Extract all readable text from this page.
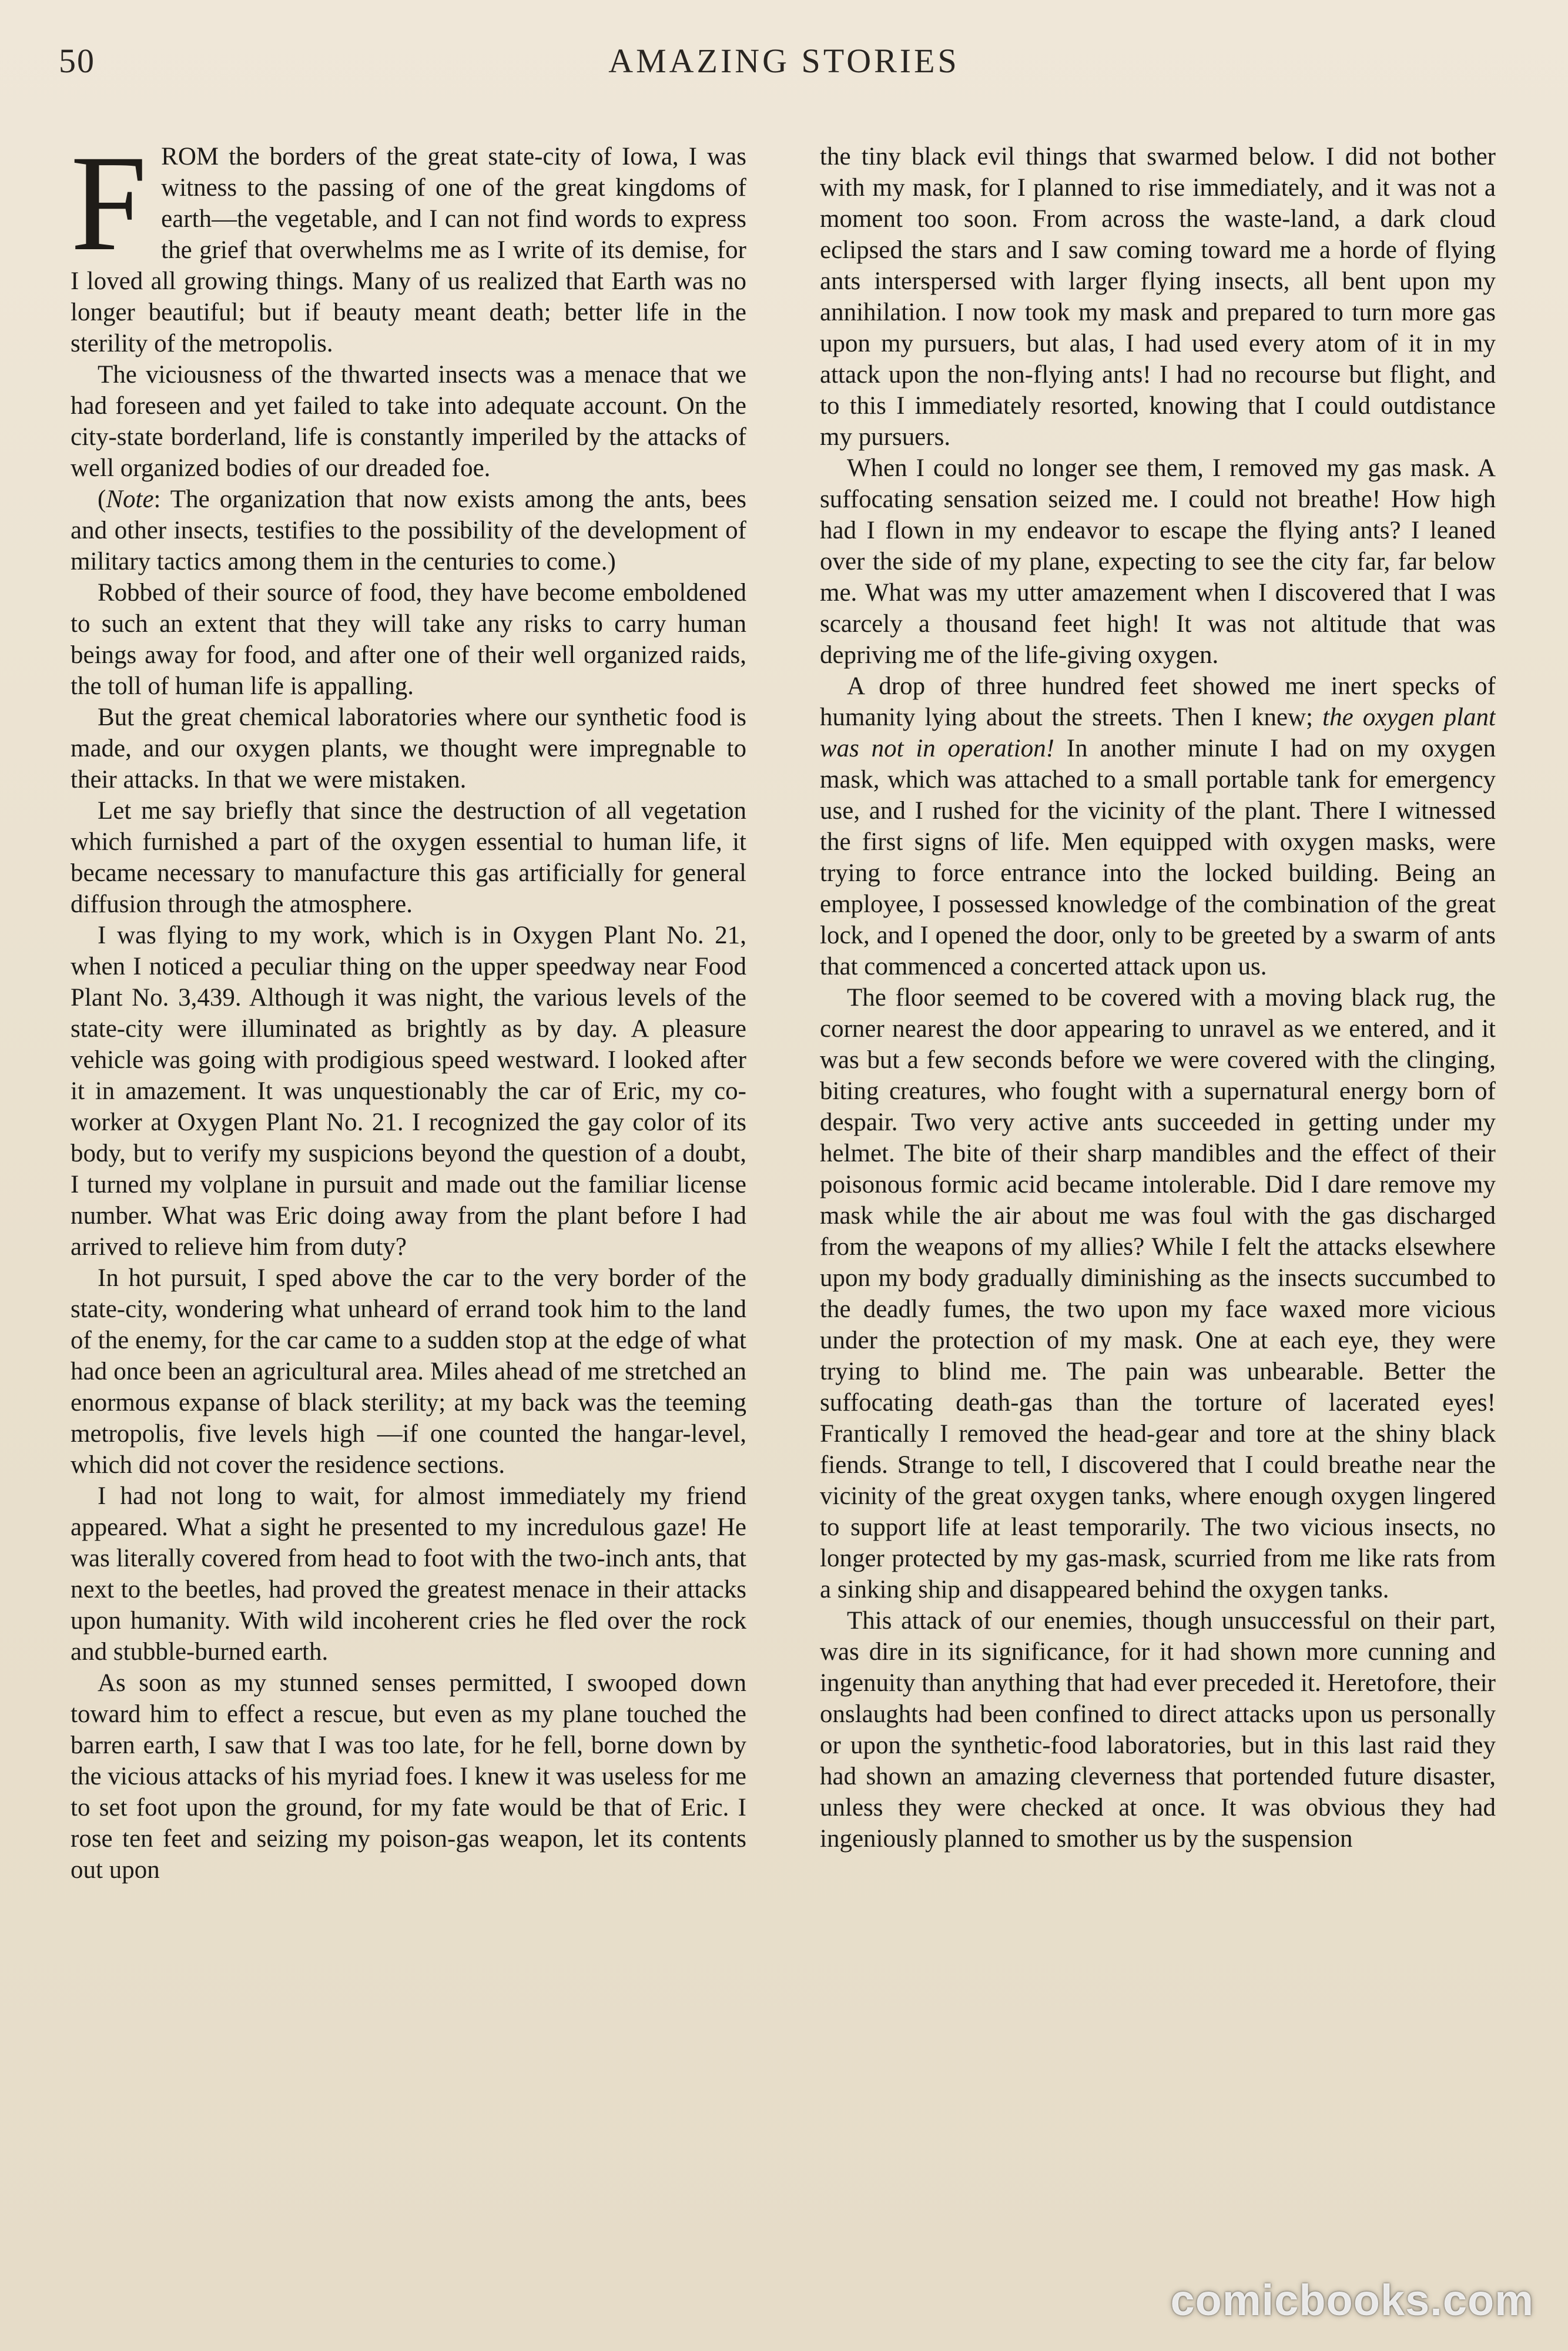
50	AMAZING STORIES

FROM the borders of the great state-city of Iowa, I was witness to the passing of one of the great kingdoms of earth—the vegetable, and I can not find words to express the grief that overwhelms me as I write of its demise, for I loved all growing things. Many of us realized that Earth was no longer beautiful; but if beauty meant death; better life in the sterility of the metropolis.

The viciousness of the thwarted insects was a menace that we had foreseen and yet failed to take into adequate account. On the city-state borderland, life is constantly imperiled by the attacks of well organized bodies of our dreaded foe.

(Note: The organization that now exists among the ants, bees and other insects, testifies to the possibility of the development of military tactics among them in the centuries to come.)

Robbed of their source of food, they have become emboldened to such an extent that they will take any risks to carry human beings away for food, and after one of their well organized raids, the toll of human life is appalling.

But the great chemical laboratories where our synthetic food is made, and our oxygen plants, we thought were impregnable to their attacks. In that we were mistaken.

Let me say briefly that since the destruction of all vegetation which furnished a part of the oxygen essential to human life, it became necessary to manufacture this gas artificially for general diffusion through the atmosphere.

I was flying to my work, which is in Oxygen Plant No. 21, when I noticed a peculiar thing on the upper speedway near Food Plant No. 3,439. Although it was night, the various levels of the state-city were illuminated as brightly as by day. A pleasure vehicle was going with prodigious speed westward. I looked after it in amazement. It was unquestionably the car of Eric, my co-worker at Oxygen Plant No. 21. I recognized the gay color of its body, but to verify my suspicions beyond the question of a doubt, I turned my volplane in pursuit and made out the familiar license number. What was Eric doing away from the plant before I had arrived to relieve him from duty?

In hot pursuit, I sped above the car to the very border of the state-city, wondering what unheard of errand took him to the land of the enemy, for the car came to a sudden stop at the edge of what had once been an agricultural area. Miles ahead of me stretched an enormous expanse of black sterility; at my back was the teeming metropolis, five levels high —if one counted the hangar-level, which did not cover the residence sections.

I had not long to wait, for almost immediately my friend appeared. What a sight he presented to my incredulous gaze! He was literally covered from head to foot with the two-inch ants, that next to the beetles, had proved the greatest menace in their attacks upon humanity. With wild incoherent cries he fled over the rock and stubble-burned earth.

As soon as my stunned senses permitted, I swooped down toward him to effect a rescue, but even as my plane touched the barren earth, I saw that I was too late, for he fell, borne down by the vicious attacks of his myriad foes. I knew it was useless for me to set foot upon the ground, for my fate would be that of Eric. I rose ten feet and seizing my poison-gas weapon, let its contents out upon

the tiny black evil things that swarmed below. I did not bother with my mask, for I planned to rise immediately, and it was not a moment too soon. From across the waste-land, a dark cloud eclipsed the stars and I saw coming toward me a horde of flying ants interspersed with larger flying insects, all bent upon my annihilation. I now took my mask and prepared to turn more gas upon my pursuers, but alas, I had used every atom of it in my attack upon the non-flying ants! I had no recourse but flight, and to this I immediately resorted, knowing that I could outdistance my pursuers.

When I could no longer see them, I removed my gas mask. A suffocating sensation seized me. I could not breathe! How high had I flown in my endeavor to escape the flying ants? I leaned over the side of my plane, expecting to see the city far, far below me. What was my utter amazement when I discovered that I was scarcely a thousand feet high! It was not altitude that was depriving me of the life-giving oxygen.

A drop of three hundred feet showed me inert specks of humanity lying about the streets. Then I knew; the oxygen plant was not in operation! In another minute I had on my oxygen mask, which was attached to a small portable tank for emergency use, and I rushed for the vicinity of the plant. There I witnessed the first signs of life. Men equipped with oxygen masks, were trying to force entrance into the locked building. Being an employee, I possessed knowledge of the combination of the great lock, and I opened the door, only to be greeted by a swarm of ants that commenced a concerted attack upon us.

The floor seemed to be covered with a moving black rug, the corner nearest the door appearing to unravel as we entered, and it was but a few seconds before we were covered with the clinging, biting creatures, who fought with a supernatural energy born of despair. Two very active ants succeeded in getting under my helmet. The bite of their sharp mandibles and the effect of their poisonous formic acid became intolerable. Did I dare remove my mask while the air about me was foul with the gas discharged from the weapons of my allies? While I felt the attacks elsewhere upon my body gradually diminishing as the insects succumbed to the deadly fumes, the two upon my face waxed more vicious under the protection of my mask. One at each eye, they were trying to blind me. The pain was unbearable. Better the suffocating death-gas than the torture of lacerated eyes! Frantically I removed the head-gear and tore at the shiny black fiends. Strange to tell, I discovered that I could breathe near the vicinity of the great oxygen tanks, where enough oxygen lingered to support life at least temporarily. The two vicious insects, no longer protected by my gas-mask, scurried from me like rats from a sinking ship and disappeared behind the oxygen tanks.

This attack of our enemies, though unsuccessful on their part, was dire in its significance, for it had shown more cunning and ingenuity than anything that had ever preceded it. Heretofore, their onslaughts had been confined to direct attacks upon us personally or upon the synthetic-food laboratories, but in this last raid they had shown an amazing cleverness that portended future disaster, unless they were checked at once. It was obvious they had ingeniously planned to smother us by the suspension

comicbooks.com
